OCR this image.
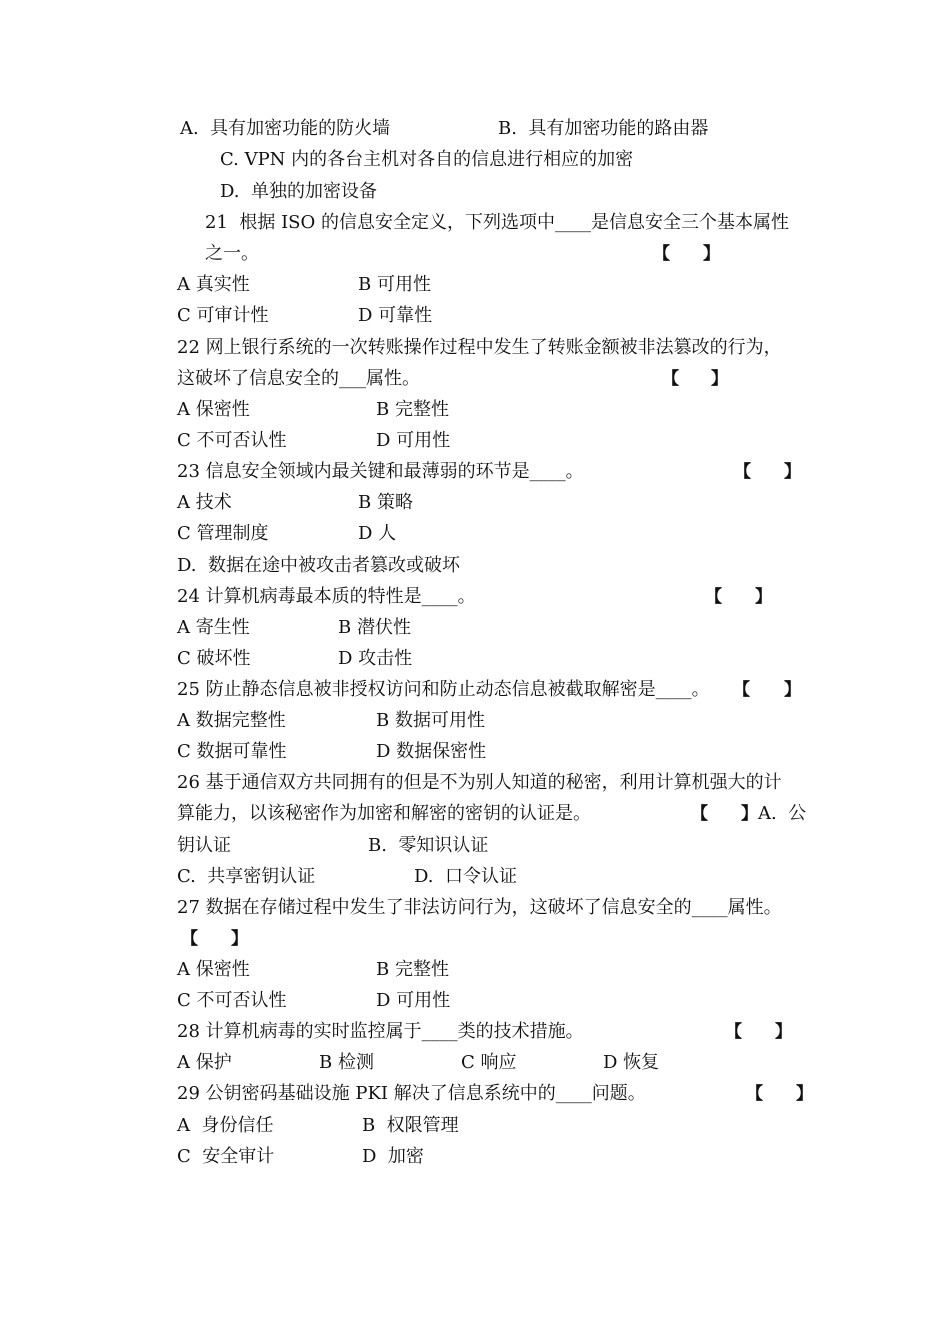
A.  具有加密功能的防火墙	B.  具有加密功能的路由器
C. VPN 内的各台主机对各自的信息进行相应的加密
D.  单独的加密设备
21  根据 ISO 的信息安全定义，下列选项中____是信息安全三个基本属性
之一。	【 】
A 真实性	B 可用性
C 可审计性	D 可靠性
22 网上银行系统的一次转账操作过程中发生了转账金额被非法篡改的行为，
这破坏了信息安全的___属性。	【 】
A 保密性	B 完整性
C 不可否认性	D 可用性
23 信息安全领域内最关键和最薄弱的环节是____。	【 】
A 技术	B 策略
C 管理制度	D 人
D.  数据在途中被攻击者篡改或破坏
24 计算机病毒最本质的特性是____。	【 】
A 寄生性	B 潜伏性
C 破坏性	D 攻击性
25 防止静态信息被非授权访问和防止动态信息被截取解密是____。 【 】
A 数据完整性	B 数据可用性
C 数据可靠性	D 数据保密性
26 基于通信双方共同拥有的但是不为别人知道的秘密，利用计算机强大的计
算能力，以该秘密作为加密和解密的密钥的认证是。	【 】 A.  公
钥认证	B.  零知识认证
C.  共享密钥认证	D.  口令认证
27 数据在存储过程中发生了非法访问行为，这破坏了信息安全的____属性。
【 】
A 保密性	B 完整性
C 不可否认性	D 可用性
28 计算机病毒的实时监控属于____类的技术措施。	【 】
A 保护	B 检测	C 响应	D 恢复
29 公钥密码基础设施 PKI 解决了信息系统中的____问题。	【 】
A  身份信任	B  权限管理
C  安全审计	D  加密
